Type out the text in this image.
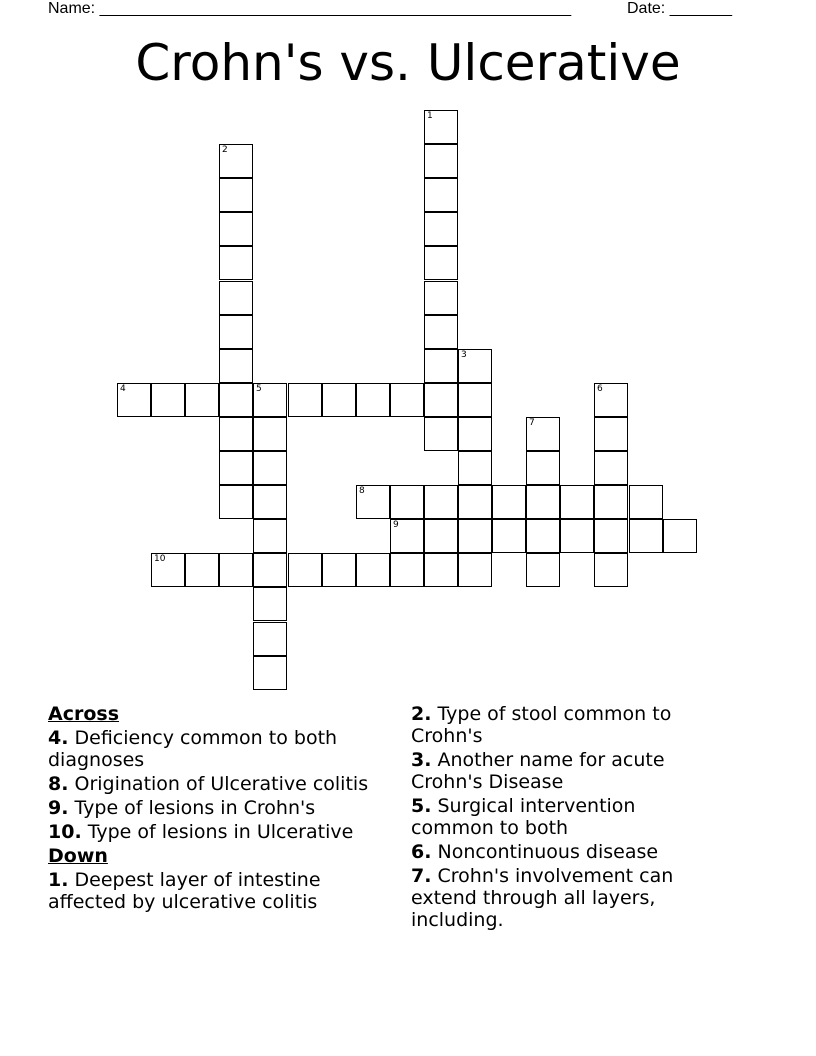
Name: _____________________________________________________	Date: _______
Crohn's vs. Ulcerative
1
2
3
4	5	6
7
8
9
10
Across
4. Deficiency common to both diagnoses
8. Origination of Ulcerative colitis
9. Type of lesions in Crohn's
10. Type of lesions in Ulcerative
Down
1. Deepest layer of intestine affected by ulcerative colitis
2. Type of stool common to Crohn's
3. Another name for acute Crohn's Disease
5. Surgical intervention common to both
6. Noncontinuous disease
7. Crohn's involvement can extend through all layers, including.
